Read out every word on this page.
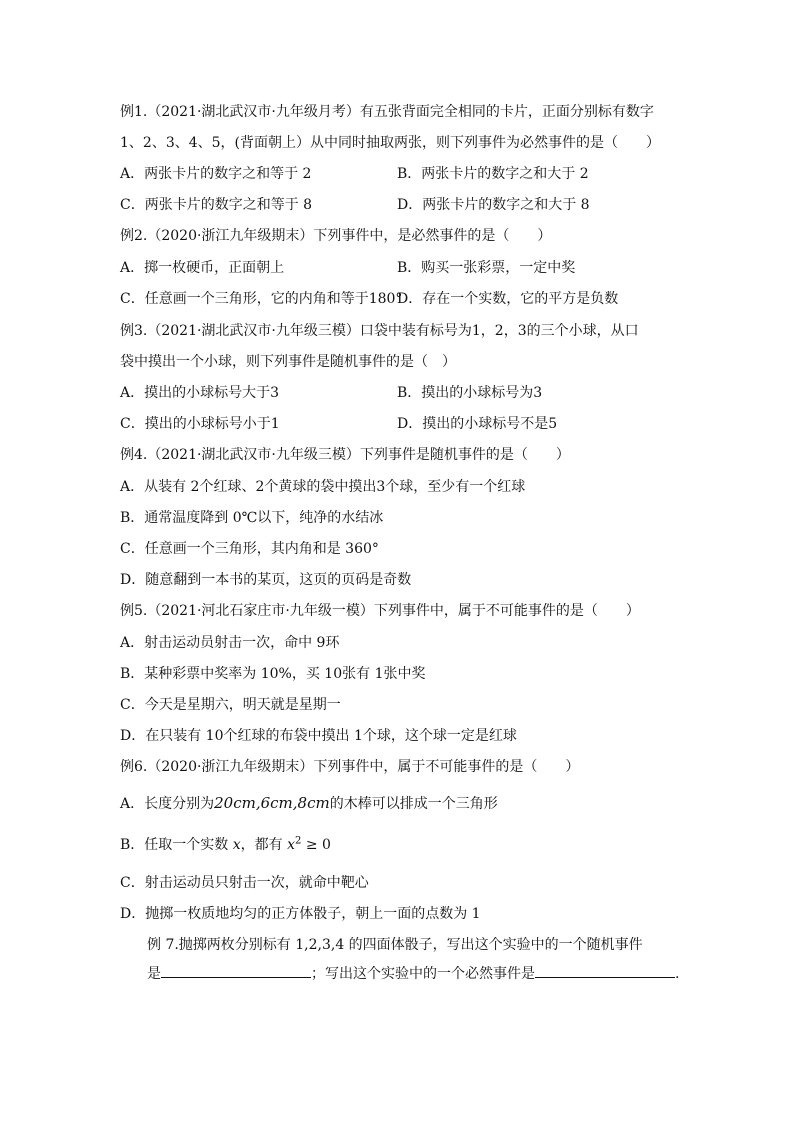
例1.（2021·湖北武汉市·九年级月考）有五张背面完全相同的卡片，正面分别标有数字
1、2、3、4、5，(背面朝上）从中同时抽取两张，则下列事件为必然事件的是（　　）
A．两张卡片的数字之和等于 2	B．两张卡片的数字之和大于 2
C．两张卡片的数字之和等于 8	D．两张卡片的数字之和大于 8
例2.（2020·浙江九年级期末）下列事件中，是必然事件的是（　　）
A．掷一枚硬币，正面朝上	B．购买一张彩票，一定中奖
C．任意画一个三角形，它的内角和等于180°
D．存在一个实数，它的平方是负数
例3.（2021·湖北武汉市·九年级三模）口袋中装有标号为1，2，3的三个小球，从口
袋中摸出一个小球，则下列事件是随机事件的是（　）
A．摸出的小球标号大于3	B．摸出的小球标号为3
C．摸出的小球标号小于1	D．摸出的小球标号不是5
例4.（2021·湖北武汉市·九年级三模）下列事件是随机事件的是（　　）
A．从装有 2个红球、2个黄球的袋中摸出3个球，至少有一个红球
B．通常温度降到 0℃以下，纯净的水结冰
C．任意画一个三角形，其内角和是 360°
D．随意翻到一本书的某页，这页的页码是奇数
例5.（2021·河北石家庄市·九年级一模）下列事件中，属于不可能事件的是（　　）
A．射击运动员射击一次，命中 9环
B．某种彩票中奖率为 10%，买 10张有 1张中奖
C．今天是星期六，明天就是星期一
D．在只装有 10个红球的布袋中摸出 1个球，这个球一定是红球
例6.（2020·浙江九年级期末）下列事件中，属于不可能事件的是（　　）
A．长度分别为20cm,6cm,8cm的木棒可以排成一个三角形
B．任取一个实数 x，都有 $x^2 \ge 0$
C．射击运动员只射击一次，就命中靶心
D．抛掷一枚质地均匀的正方体骰子，朝上一面的点数为 1
例 7.抛掷两枚分别标有 1,2,3,4 的四面体骰子，写出这个实验中的一个随机事件
是	；写出这个实验中的一个必然事件是	.
